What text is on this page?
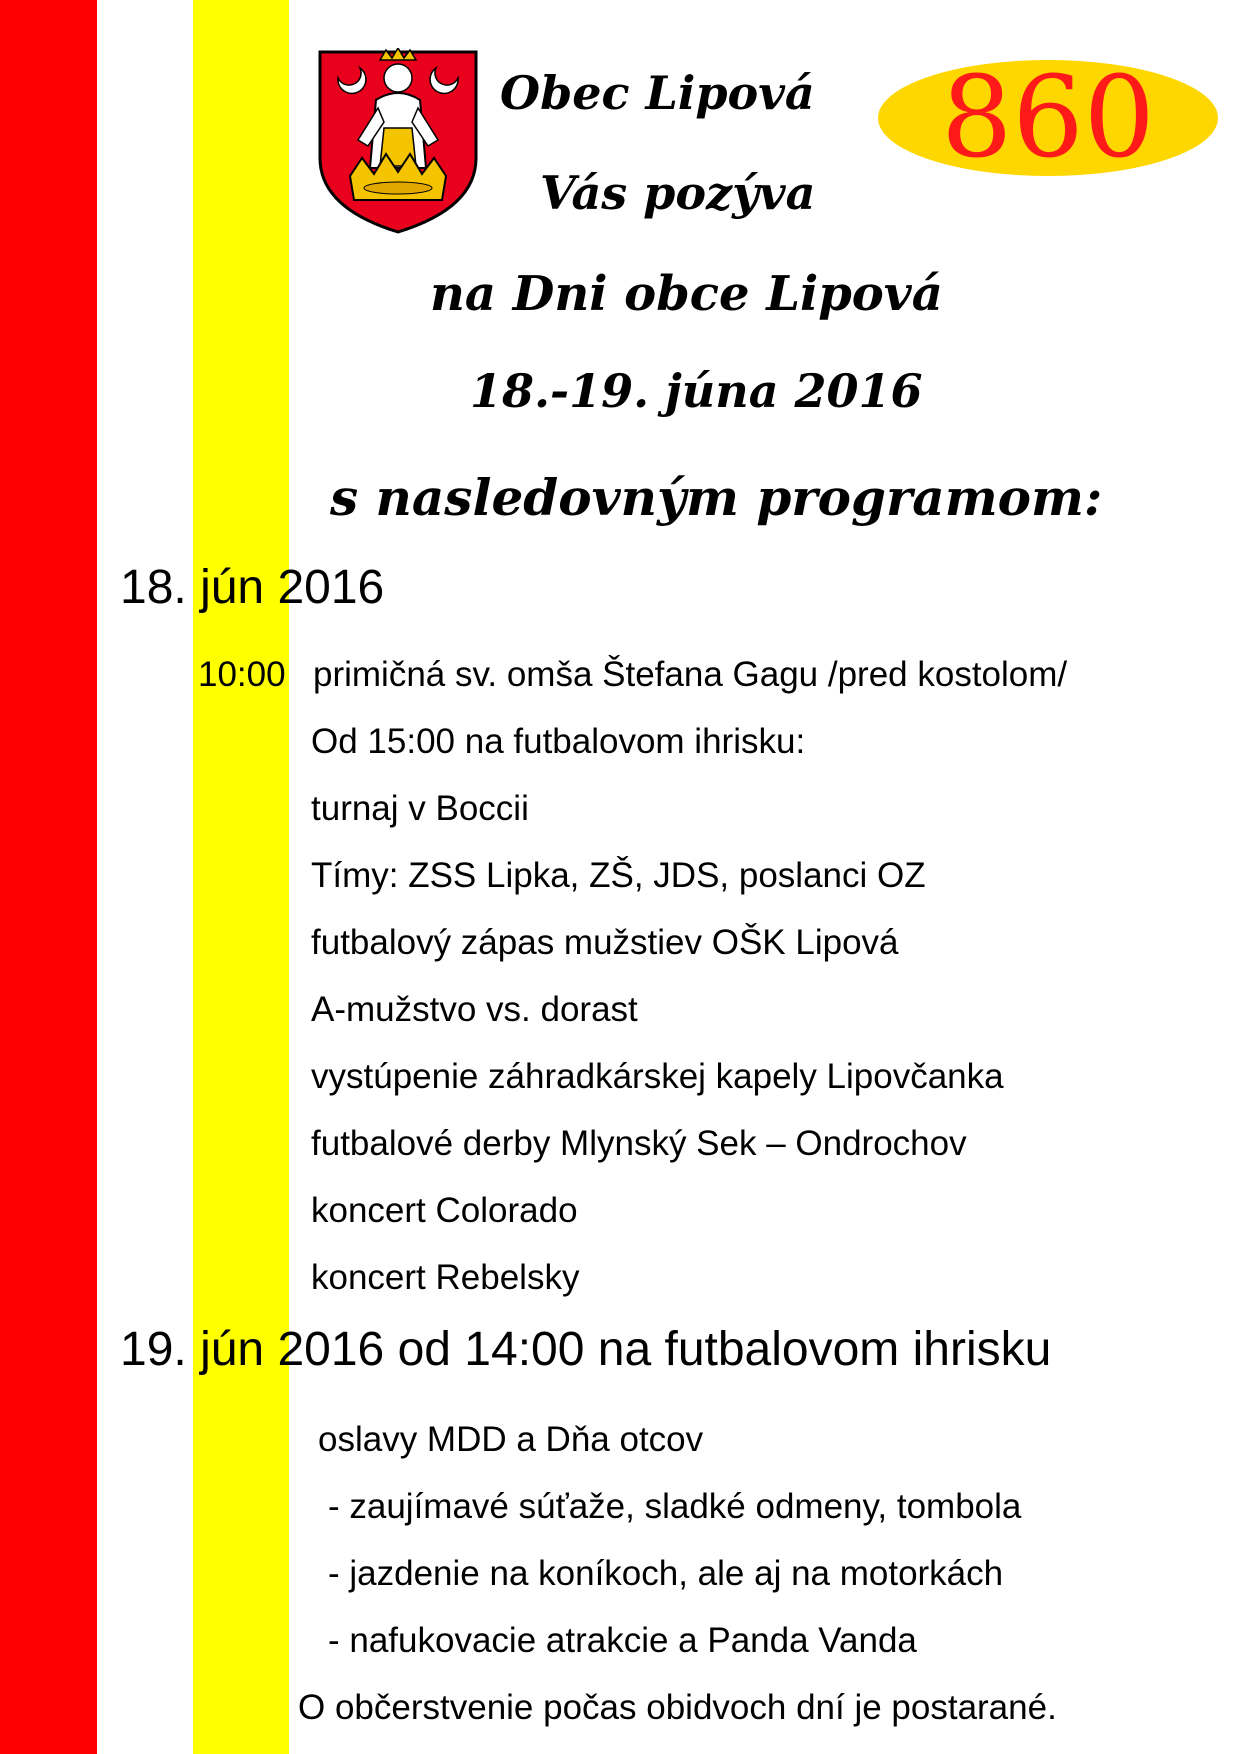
Obec Lipová
Vás pozýva
na Dni obce Lipová
18.-19. júna 2016
s nasledovným programom:
860
18. jún 2016
10:00 primičná sv. omša Štefana Gagu /pred kostolom/
Od 15:00 na futbalovom ihrisku:
turnaj v Boccii
Tímy: ZSS Lipka, ZŠ, JDS, poslanci OZ
futbalový zápas mužstiev OŠK Lipová
A-mužstvo vs. dorast
vystúpenie záhradkárskej kapely Lipovčanka
futbalové derby Mlynský Sek – Ondrochov
koncert Colorado
koncert Rebelsky
19. jún 2016 od 14:00 na futbalovom ihrisku
oslavy MDD a Dňa otcov
- zaujímavé súťaže, sladké odmeny, tombola
- jazdenie na koníkoch, ale aj na motorkách
- nafukovacie atrakcie a Panda Vanda
O občerstvenie počas obidvoch dní je postarané.
